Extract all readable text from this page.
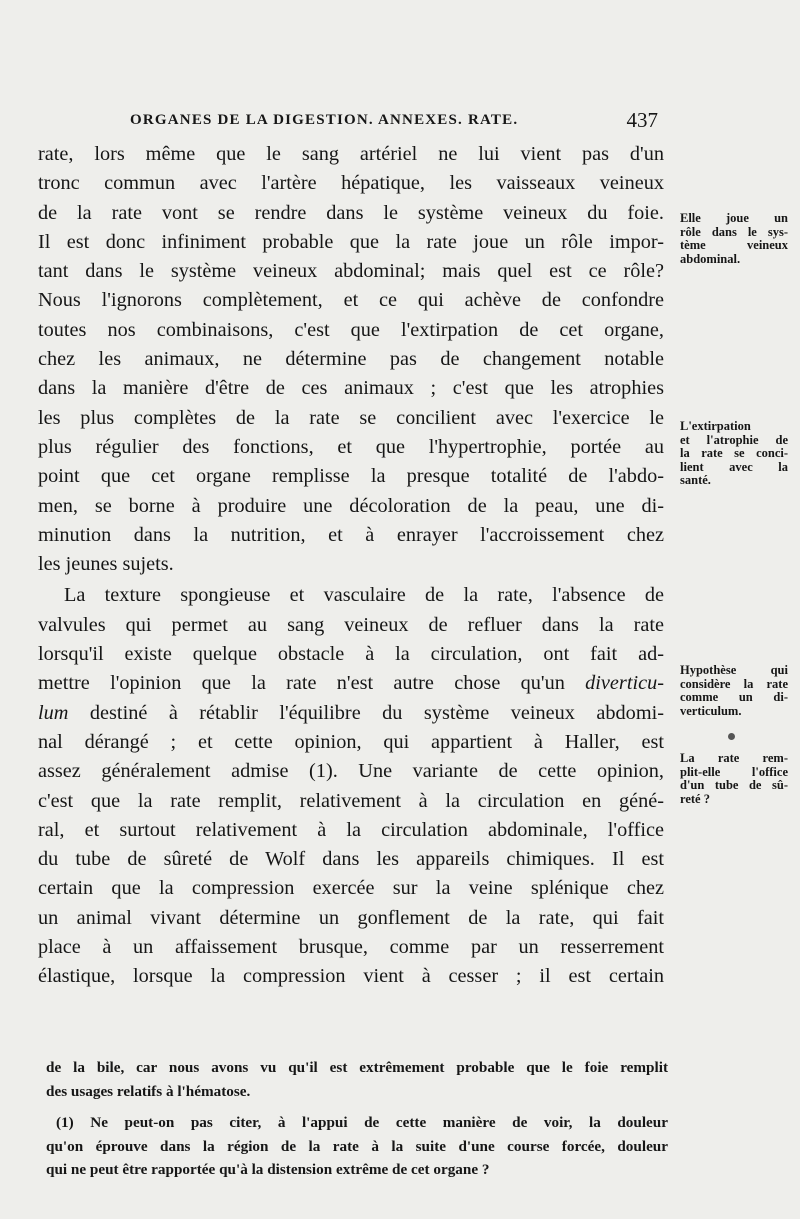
ORGANES DE LA DIGESTION. ANNEXES. RATE.	437

rate, lors même que le sang artériel ne lui vient pas d'un
tronc commun avec l'artère hépatique, les vaisseaux veineux
de la rate vont se rendre dans le système veineux du foie.
Il est donc infiniment probable que la rate joue un rôle impor-
tant dans le système veineux abdominal; mais quel est ce rôle?
Nous l'ignorons complètement, et ce qui achève de confondre
toutes nos combinaisons, c'est que l'extirpation de cet organe,
chez les animaux, ne détermine pas de changement notable
dans la manière d'être de ces animaux ; c'est que les atrophies
les plus complètes de la rate se concilient avec l'exercice le
plus régulier des fonctions, et que l'hypertrophie, portée au
point que cet organe remplisse la presque totalité de l'abdo-
men, se borne à produire une décoloration de la peau, une di-
minution dans la nutrition, et à enrayer l'accroissement chez
les jeunes sujets.

La texture spongieuse et vasculaire de la rate, l'absence de
valvules qui permet au sang veineux de refluer dans la rate
lorsqu'il existe quelque obstacle à la circulation, ont fait ad-
mettre l'opinion que la rate n'est autre chose qu'un diverticu-
lum destiné à rétablir l'équilibre du système veineux abdomi-
nal dérangé ; et cette opinion, qui appartient à Haller, est
assez généralement admise (1). Une variante de cette opinion,
c'est que la rate remplit, relativement à la circulation en géné-
ral, et surtout relativement à la circulation abdominale, l'office
du tube de sûreté de Wolf dans les appareils chimiques. Il est
certain que la compression exercée sur la veine splénique chez
un animal vivant détermine un gonflement de la rate, qui fait
place à un affaissement brusque, comme par un resserrement
élastique, lorsque la compression vient à cesser ; il est certain

Elle joue un
rôle dans le sys-
tème veineux
abdominal.
L'extirpation
et l'atrophie de
la rate se conci-
lient avec la
santé.
Hypothèse qui
considère la rate
comme un di-
verticulum.
La rate rem-
plit-elle l'office
d'un tube de sû-
reté ?
de la bile, car nous avons vu qu'il est extrêmement probable que le foie remplit
des usages relatifs à l'hématose.
(1) Ne peut-on pas citer, à l'appui de cette manière de voir, la douleur
qu'on éprouve dans la région de la rate à la suite d'une course forcée, douleur
qui ne peut être rapportée qu'à la distension extrême de cet organe ?
